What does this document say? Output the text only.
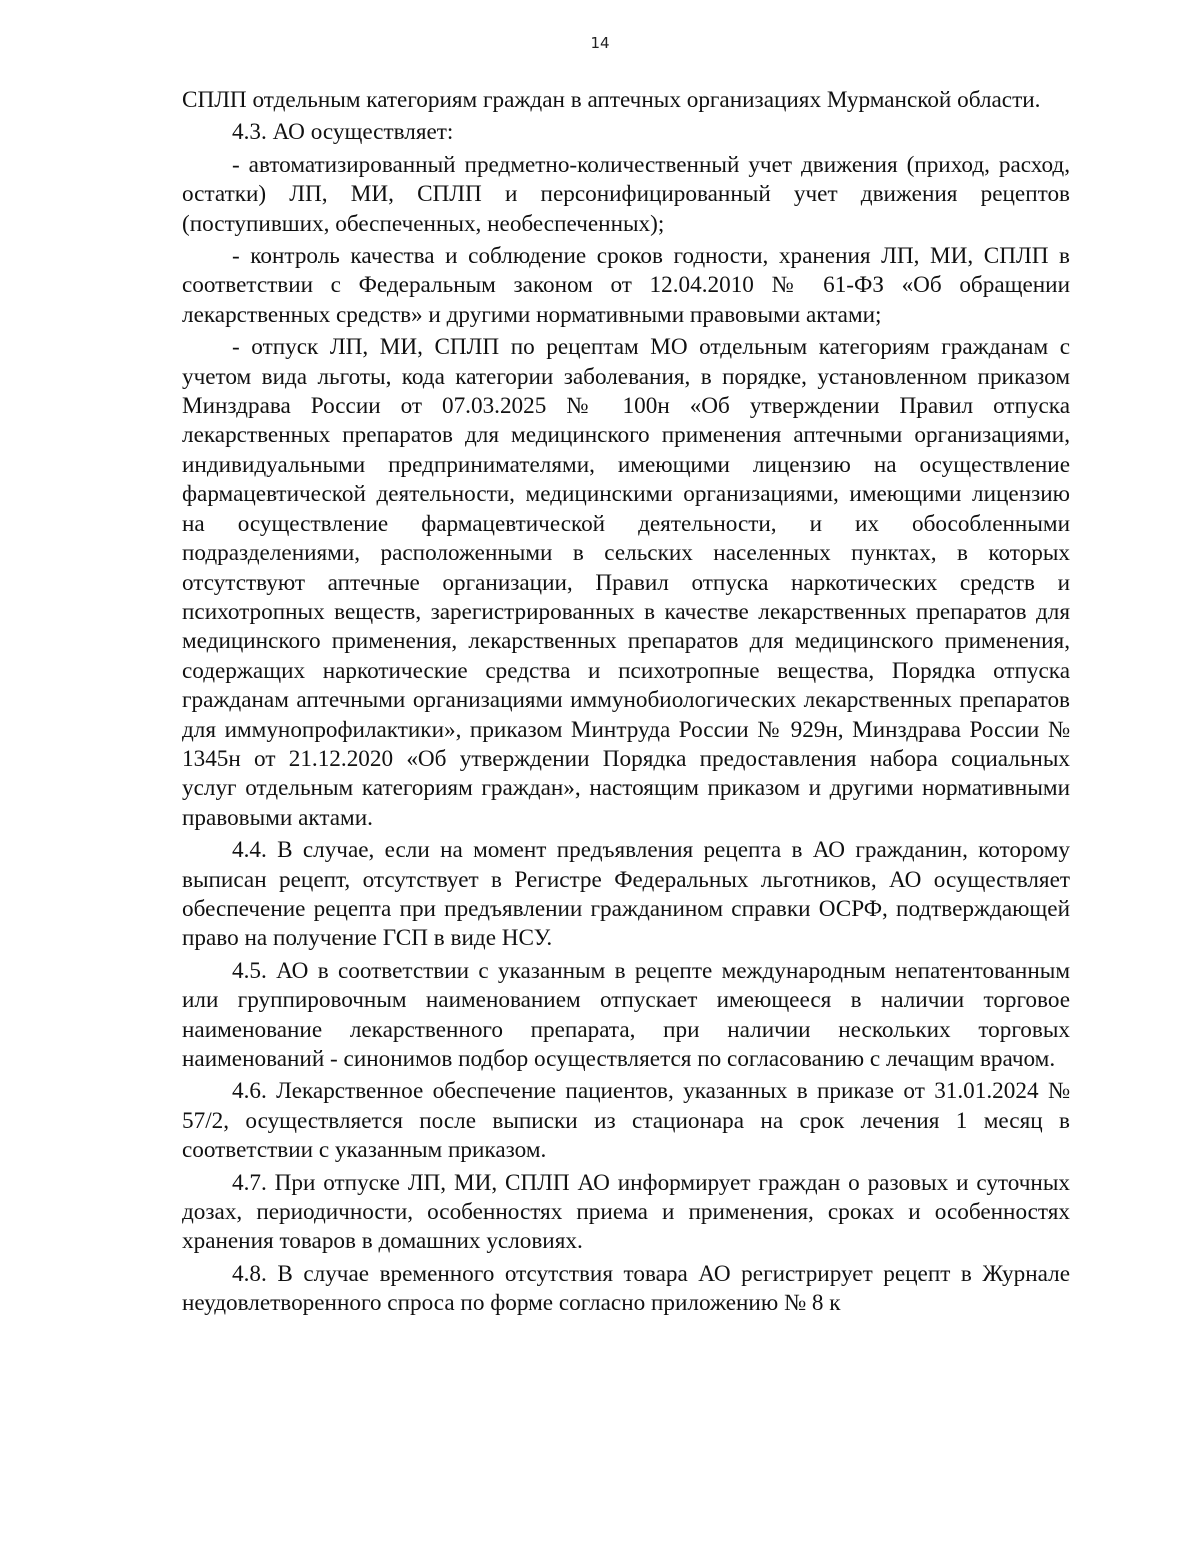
14

СПЛП отдельным категориям граждан в аптечных организациях Мурманской области.

4.3. АО осуществляет:

- автоматизированный предметно-количественный учет движения (приход, расход, остатки) ЛП, МИ, СПЛП и персонифицированный учет движения рецептов (поступивших, обеспеченных, необеспеченных);

- контроль качества и соблюдение сроков годности, хранения ЛП, МИ, СПЛП в соответствии с Федеральным законом от 12.04.2010 № 61-ФЗ «Об обращении лекарственных средств» и другими нормативными правовыми актами;

- отпуск ЛП, МИ, СПЛП по рецептам МО отдельным категориям гражданам с учетом вида льготы, кода категории заболевания, в порядке, установленном приказом Минздрава России от 07.03.2025 № 100н «Об утверждении Правил отпуска лекарственных препаратов для медицинского применения аптечными организациями, индивидуальными предпринимателями, имеющими лицензию на осуществление фармацевтической деятельности, медицинскими организациями, имеющими лицензию на осуществление фармацевтической деятельности, и их обособленными подразделениями, расположенными в сельских населенных пунктах, в которых отсутствуют аптечные организации, Правил отпуска наркотических средств и психотропных веществ, зарегистрированных в качестве лекарственных препаратов для медицинского применения, лекарственных препаратов для медицинского применения, содержащих наркотические средства и психотропные вещества, Порядка отпуска гражданам аптечными организациями иммунобиологических лекарственных препаратов для иммунопрофилактики», приказом Минтруда России № 929н, Минздрава России № 1345н от 21.12.2020 «Об утверждении Порядка предоставления набора социальных услуг отдельным категориям граждан», настоящим приказом и другими нормативными правовыми актами.

4.4. В случае, если на момент предъявления рецепта в АО гражданин, которому выписан рецепт, отсутствует в Регистре Федеральных льготников, АО осуществляет обеспечение рецепта при предъявлении гражданином справки ОСРФ, подтверждающей право на получение ГСП в виде НСУ.

4.5. АО в соответствии с указанным в рецепте международным непатентованным или группировочным наименованием отпускает имеющееся в наличии торговое наименование лекарственного препарата, при наличии нескольких торговых наименований - синонимов подбор осуществляется по согласованию с лечащим врачом.

4.6. Лекарственное обеспечение пациентов, указанных в приказе от 31.01.2024 № 57/2, осуществляется после выписки из стационара на срок лечения 1 месяц в соответствии с указанным приказом.

4.7. При отпуске ЛП, МИ, СПЛП АО информирует граждан о разовых и суточных дозах, периодичности, особенностях приема и применения, сроках и особенностях хранения товаров в домашних условиях.

4.8. В случае временного отсутствия товара АО регистрирует рецепт в Журнале неудовлетворенного спроса по форме согласно приложению № 8 к
